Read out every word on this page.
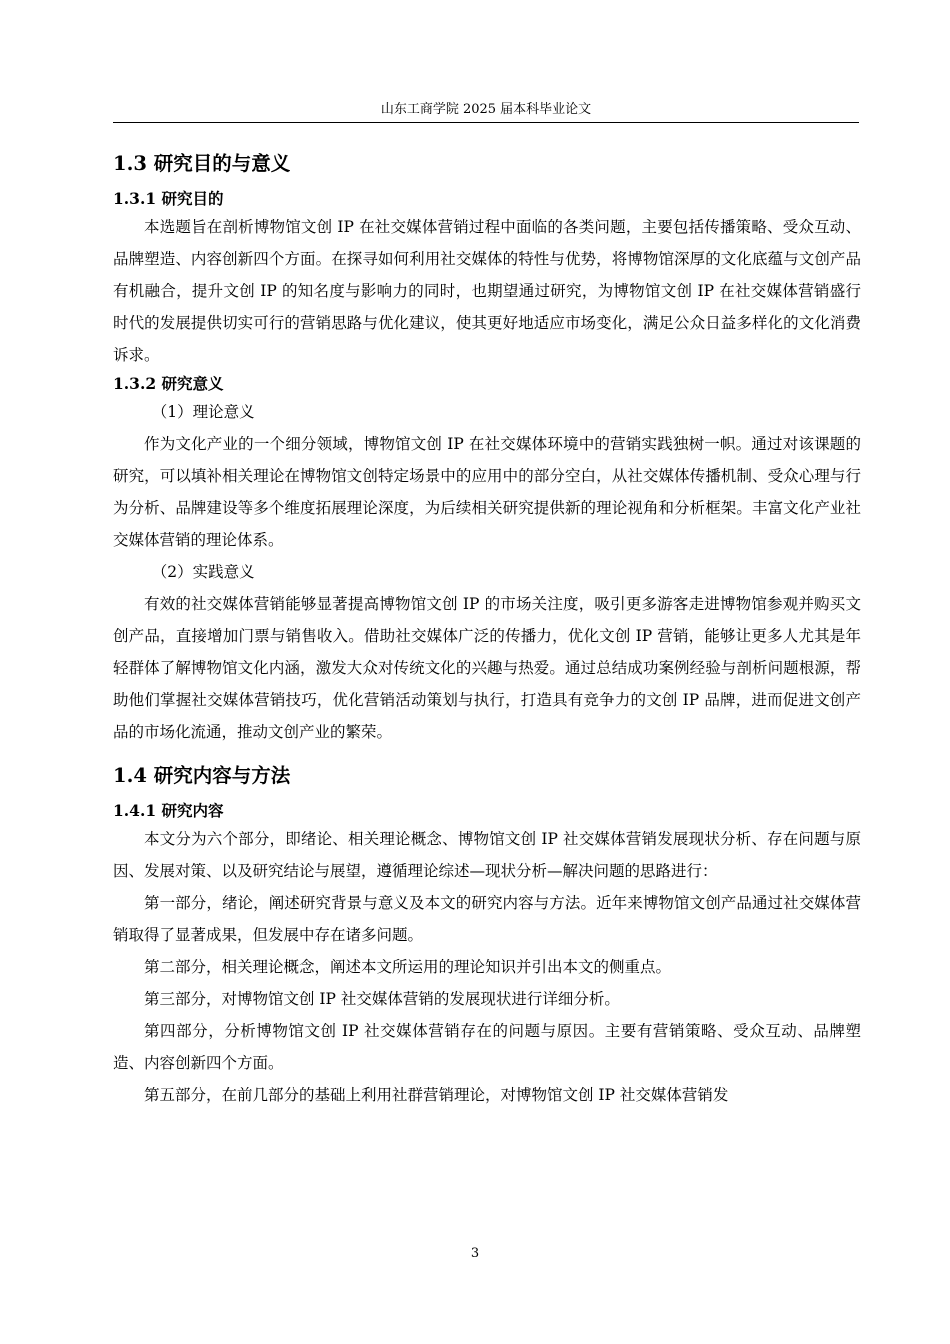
山东工商学院 2025 届本科毕业论文
1.3 研究目的与意义
1.3.1 研究目的
本选题旨在剖析博物馆文创 IP 在社交媒体营销过程中面临的各类问题，主要包括传播策略、受众互动、品牌塑造、内容创新四个方面。在探寻如何利用社交媒体的特性与优势，将博物馆深厚的文化底蕴与文创产品有机融合，提升文创 IP 的知名度与影响力的同时，也期望通过研究，为博物馆文创 IP 在社交媒体营销盛行时代的发展提供切实可行的营销思路与优化建议，使其更好地适应市场变化，满足公众日益多样化的文化消费诉求。
1.3.2 研究意义
（1）理论意义
作为文化产业的一个细分领域，博物馆文创 IP 在社交媒体环境中的营销实践独树一帜。通过对该课题的研究，可以填补相关理论在博物馆文创特定场景中的应用中的部分空白，从社交媒体传播机制、受众心理与行为分析、品牌建设等多个维度拓展理论深度，为后续相关研究提供新的理论视角和分析框架。丰富文化产业社交媒体营销的理论体系。
（2）实践意义
有效的社交媒体营销能够显著提高博物馆文创 IP 的市场关注度，吸引更多游客走进博物馆参观并购买文创产品，直接增加门票与销售收入。借助社交媒体广泛的传播力，优化文创 IP 营销，能够让更多人尤其是年轻群体了解博物馆文化内涵，激发大众对传统文化的兴趣与热爱。通过总结成功案例经验与剖析问题根源，帮助他们掌握社交媒体营销技巧，优化营销活动策划与执行，打造具有竞争力的文创 IP 品牌，进而促进文创产品的市场化流通，推动文创产业的繁荣。
1.4 研究内容与方法
1.4.1 研究内容
本文分为六个部分，即绪论、相关理论概念、博物馆文创 IP 社交媒体营销发展现状分析、存在问题与原因、发展对策、以及研究结论与展望，遵循理论综述—现状分析—解决问题的思路进行：
第一部分，绪论，阐述研究背景与意义及本文的研究内容与方法。近年来博物馆文创产品通过社交媒体营销取得了显著成果，但发展中存在诸多问题。
第二部分，相关理论概念，阐述本文所运用的理论知识并引出本文的侧重点。
第三部分，对博物馆文创 IP 社交媒体营销的发展现状进行详细分析。
第四部分，分析博物馆文创 IP 社交媒体营销存在的问题与原因。主要有营销策略、受众互动、品牌塑造、内容创新四个方面。
第五部分，在前几部分的基础上利用社群营销理论，对博物馆文创 IP 社交媒体营销发
3
